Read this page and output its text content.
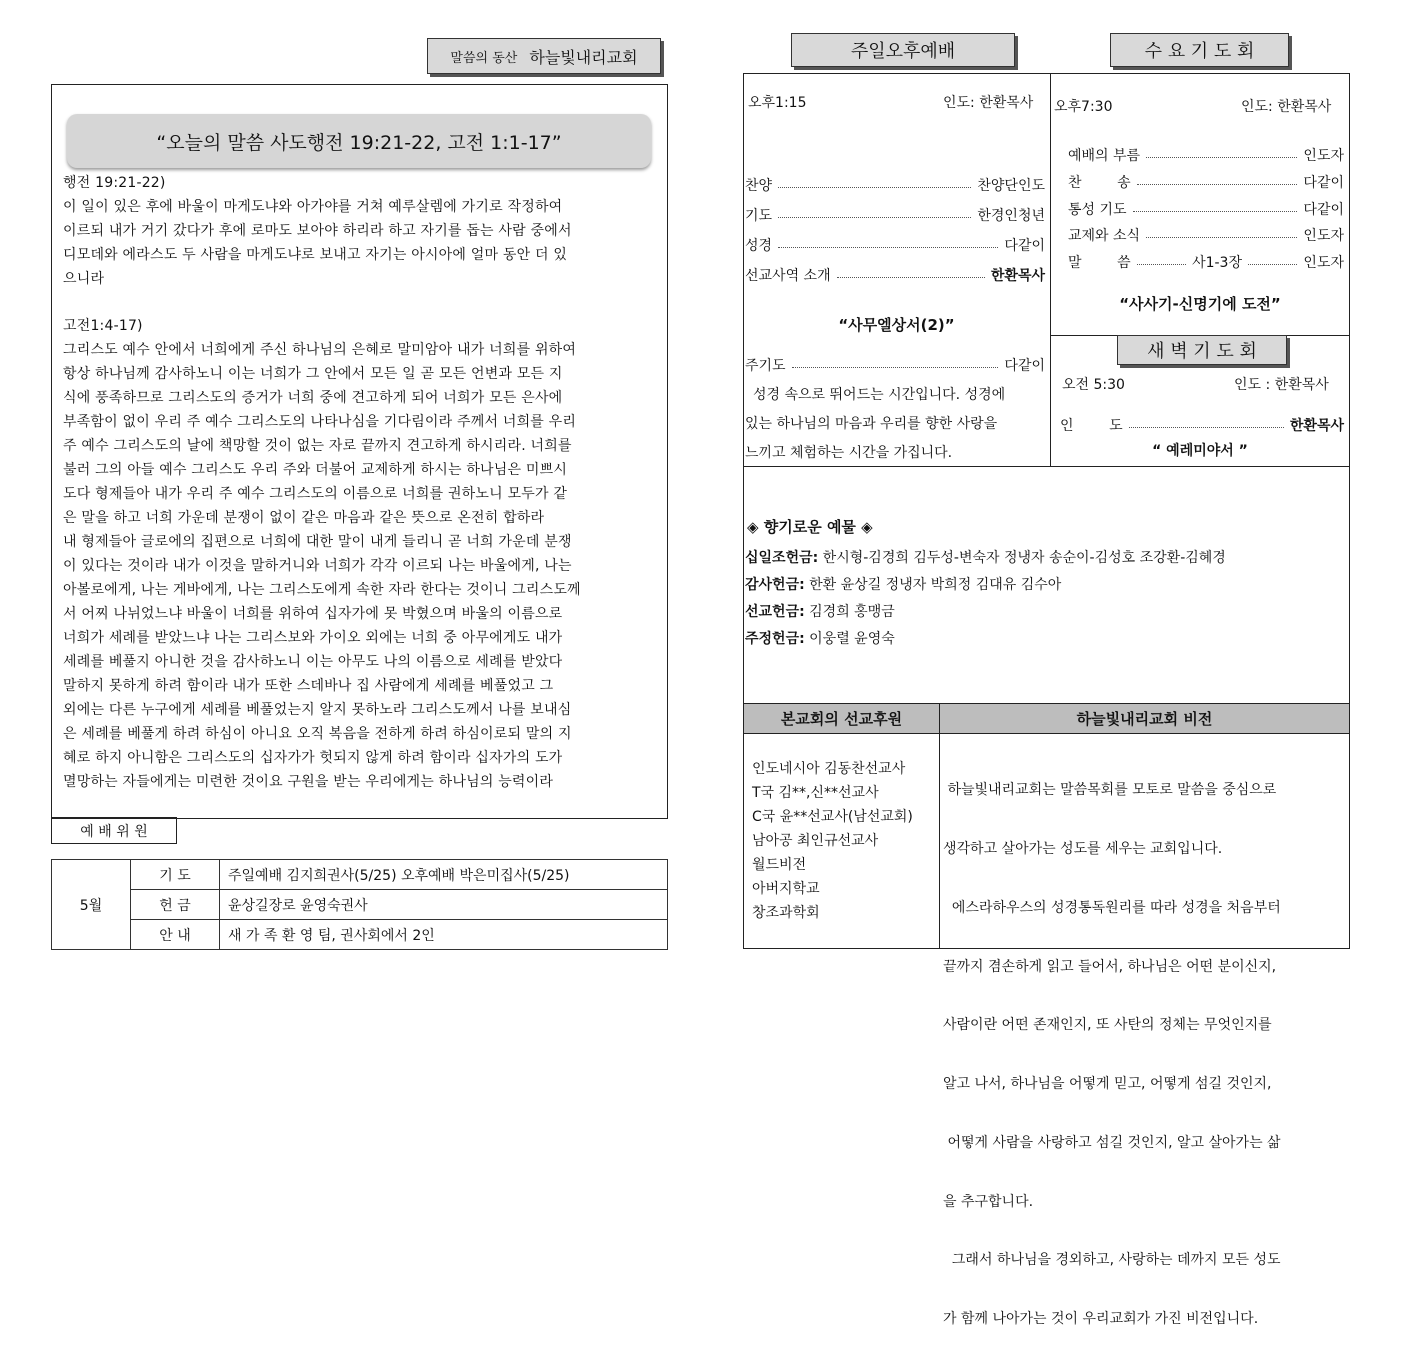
말씀의 동산 하늘빛내리교회
“오늘의 말씀 사도행전 19:21-22, 고전 1:1-17”
행전 19:21-22)
이 일이 있은 후에 바울이 마게도냐와 아가야를 거쳐 예루살렘에 가기로 작정하여
이르되 내가 거기 갔다가 후에 로마도 보아야 하리라 하고 자기를 돕는 사람 중에서
디모데와 에라스도 두 사람을 마게도냐로 보내고 자기는 아시아에 얼마 동안 더 있
으니라
고전1:4-17)
그리스도 예수 안에서 너희에게 주신 하나님의 은혜로 말미암아 내가 너희를 위하여
항상 하나님께 감사하노니 이는 너희가 그 안에서 모든 일 곧 모든 언변과 모든 지
식에 풍족하므로 그리스도의 증거가 너희 중에 견고하게 되어 너희가 모든 은사에
부족함이 없이 우리 주 예수 그리스도의 나타나심을 기다림이라 주께서 너희를 우리
주 예수 그리스도의 날에 책망할 것이 없는 자로 끝까지 견고하게 하시리라. 너희를
불러 그의 아들 예수 그리스도 우리 주와 더불어 교제하게 하시는 하나님은 미쁘시
도다 형제들아 내가 우리 주 예수 그리스도의 이름으로 너희를 권하노니 모두가 같
은 말을 하고 너희 가운데 분쟁이 없이 같은 마음과 같은 뜻으로 온전히 합하라
내 형제들아 글로에의 집편으로 너희에 대한 말이 내게 들리니 곧 너희 가운데 분쟁
이 있다는 것이라 내가 이것을 말하거니와 너희가 각각 이르되 나는 바울에게, 나는
아볼로에게, 나는 게바에게, 나는 그리스도에게 속한 자라 한다는 것이니 그리스도께
서 어찌 나뉘었느냐 바울이 너희를 위하여 십자가에 못 박혔으며 바울의 이름으로
너희가 세례를 받았느냐 나는 그리스보와 가이오 외에는 너희 중 아무에게도 내가
세례를 베풀지 아니한 것을 감사하노니 이는 아무도 나의 이름으로 세례를 받았다
말하지 못하게 하려 함이라 내가 또한 스데바나 집 사람에게 세례를 베풀었고 그
외에는 다른 누구에게 세례를 베풀었는지 알지 못하노라 그리스도께서 나를 보내심
은 세례를 베풀게 하려 하심이 아니요 오직 복음을 전하게 하려 하심이로되 말의 지
혜로 하지 아니함은 그리스도의 십자가가 헛되지 않게 하려 함이라 십자가의 도가
멸망하는 자들에게는 미련한 것이요 구원을 받는 우리에게는 하나님의 능력이라
예 배 위 원
5월	기 도	주일예배 김지희권사(5/25) 오후예배 박은미집사(5/25)
	헌 금	윤상길장로 윤영숙권사
	안 내	새 가 족 환 영 팀, 권사회에서 2인
주일오후예배	수 요 기 도 회
오후1:15	인도: 한환목사
찬양	찬양단인도
기도	한경인청년
성경	다같이
선교사역 소개	한환목사
“사무엘상서(2)”
주기도	다같이
성경 속으로 뛰어드는 시간입니다. 성경에
있는 하나님의 마음과 우리를 향한 사랑을
느끼고 체험하는 시간을 가집니다.
오후7:30	인도: 한환목사
예배의 부름	인도자
찬        송	다같이
통성 기도	다같이
교제와 소식	인도자
말        씀	사1-3장	인도자
“사사기-신명기에 도전”
새 벽 기 도 회
오전 5:30	인도 : 한환목사
인        도	한환목사
“ 예레미야서 ”
◈ 향기로운 예물 ◈
십일조헌금: 한시형-김경희 김두성-변숙자 정냉자 송순이-김성호 조강환-김혜경
감사헌금: 한환 윤상길 정냉자 박희정 김대유 김수아
선교헌금: 김경희 홍맹금
주정헌금: 이웅렬 윤영숙
본교회의 선교후원	하늘빛내리교회 비전
인도네시아 김동찬선교사
T국 김**,신**선교사
C국 윤**선교사(남선교회)
남아공 최인규선교사
월드비전
아버지학교
창조과학회

하늘빛내리교회는 말씀목회를 모토로 말씀을 중심으로

생각하고 살아가는 성도를 세우는 교회입니다.

에스라하우스의 성경통독원리를 따라 성경을 처음부터

끝까지 겸손하게 읽고 들어서, 하나님은 어떤 분이신지,

사람이란 어떤 존재인지, 또 사탄의 정체는 무엇인지를

알고 나서, 하나님을 어떻게 믿고, 어떻게 섬길 것인지,

어떻게 사람을 사랑하고 섬길 것인지, 알고 살아가는 삶

을 추구합니다.

그래서 하나님을 경외하고, 사랑하는 데까지 모든 성도

가 함께 나아가는 것이 우리교회가 가진 비전입니다.
